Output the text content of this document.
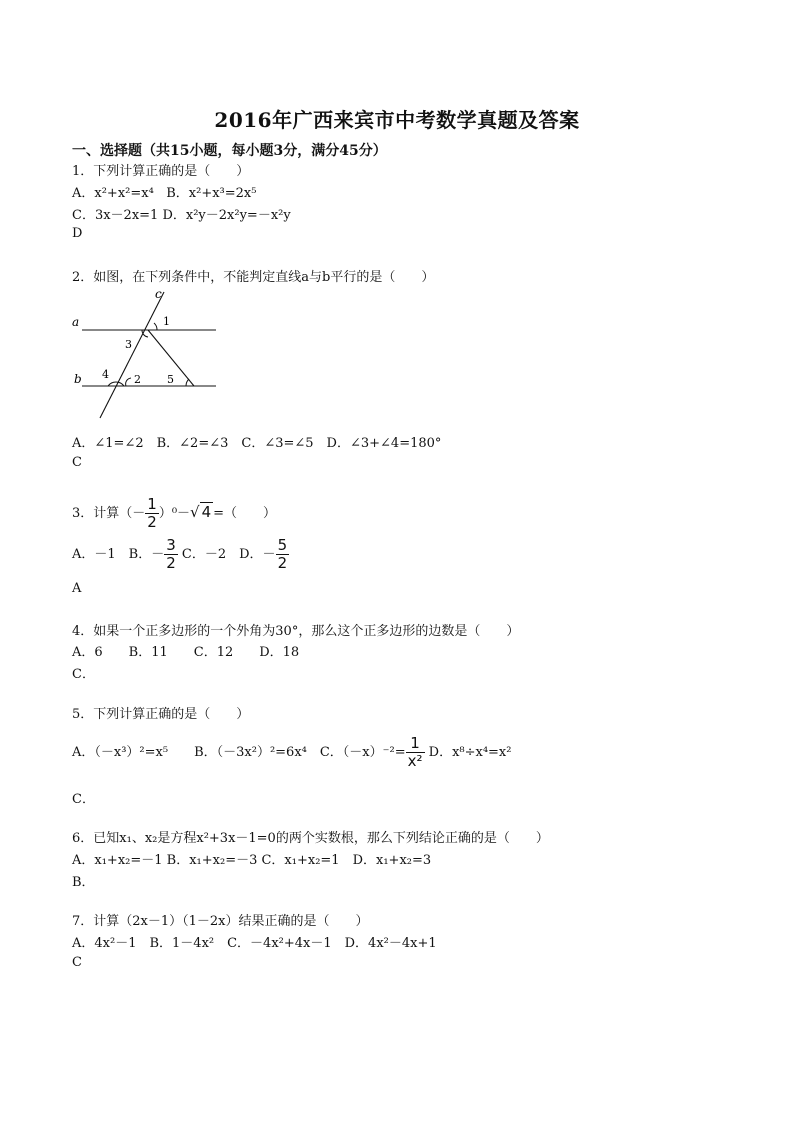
2016年广西来宾市中考数学真题及答案
一、选择题（共15小题，每小题3分，满分45分）
1．下列计算正确的是（　　）
A．x²+x²=x⁴ B．x²+x³=2x⁵
C．3x－2x=1 D．x²y－2x²y=－x²y
D
2．如图，在下列条件中，不能判定直线a与b平行的是（　　）
a
b
c
1
3
4 2 5
A．∠1=∠2　B．∠2=∠3　C．∠3=∠5　D．∠3+∠4=180°
C
3．计算（－ $\frac{1}{2} )^0-√$ 4 =（　　）
A．－1　B．－ $\frac{3}{2}$ C．－2　D．－ $\frac{5}{2}$
A
4．如果一个正多边形的一个外角为30°，那么这个正多边形的边数是（　　）
A．6　　B．11　　C．12　　D．18
C．
5．下列计算正确的是（　　）
A．（－x³）²=x⁵　　B．（－3x²）²=6x⁴　C．$(-x)^{-2}= \frac{1}{\text{x²}}$ D．x⁸÷x⁴=x²
C．
6．已知x₁、x₂是方程x²+3x－1=0的两个实数根，那么下列结论正确的是（　　）
A．x₁+x₂=－1 B．x₁+x₂=－3 C．x₁+x₂=1　D．x₁+x₂=3
B．
7．计算（2x－1）（1－2x）结果正确的是（　　）
A．4x²－1　B．1－4x²　C．－4x²+4x－1　D．4x²－4x+1
C
